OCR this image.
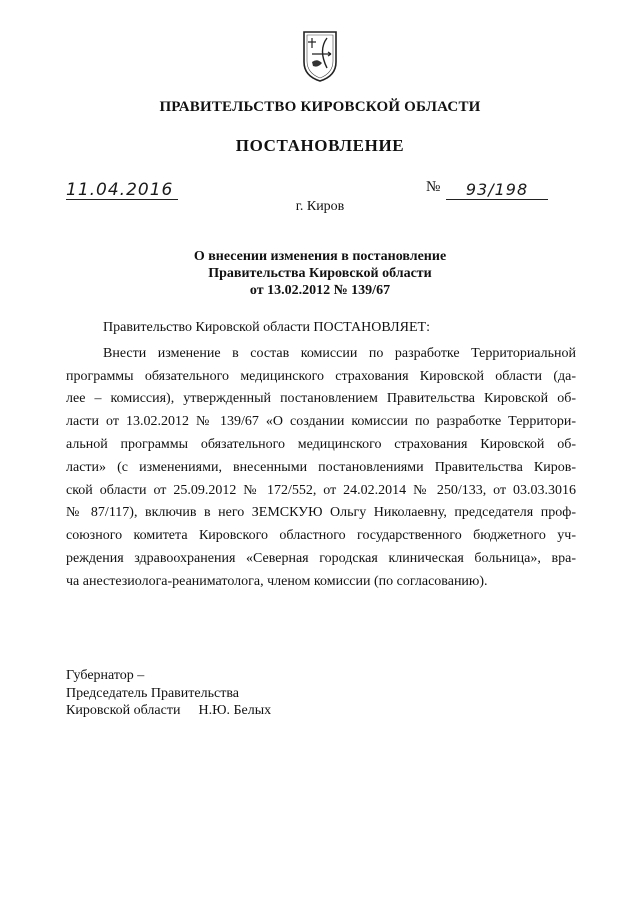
ПРАВИТЕЛЬСТВО КИРОВСКОЙ ОБЛАСТИ
ПОСТАНОВЛЕНИЕ
11.04.2016	№	93/198
г. Киров
О внесении изменения в постановление
Правительства Кировской области
от 13.02.2012 № 139/67

Правительство Кировской области ПОСТАНОВЛЯЕТ:

Внести изменение в состав комиссии по разработке Территориальной
программы обязательного медицинского страхования Кировской области (да-
лее – комиссия), утвержденный постановлением Правительства Кировской об-
ласти от 13.02.2012 № 139/67 «О создании комиссии по разработке Территори-
альной программы обязательного медицинского страхования Кировской об-
ласти» (с изменениями, внесенными постановлениями Правительства Киров-
ской области от 25.09.2012 № 172/552, от 24.02.2014 № 250/133, от 03.03.3016
№ 87/117), включив в него ЗЕМСКУЮ Ольгу Николаевну, председателя проф-
союзного комитета Кировского областного государственного бюджетного уч-
реждения здравоохранения «Северная городская клиническая больница», вра-
ча анестезиолога-реаниматолога, членом комиссии (по согласованию).
Губернатор –
Председатель Правительства
Кировской области Н.Ю. Белых
